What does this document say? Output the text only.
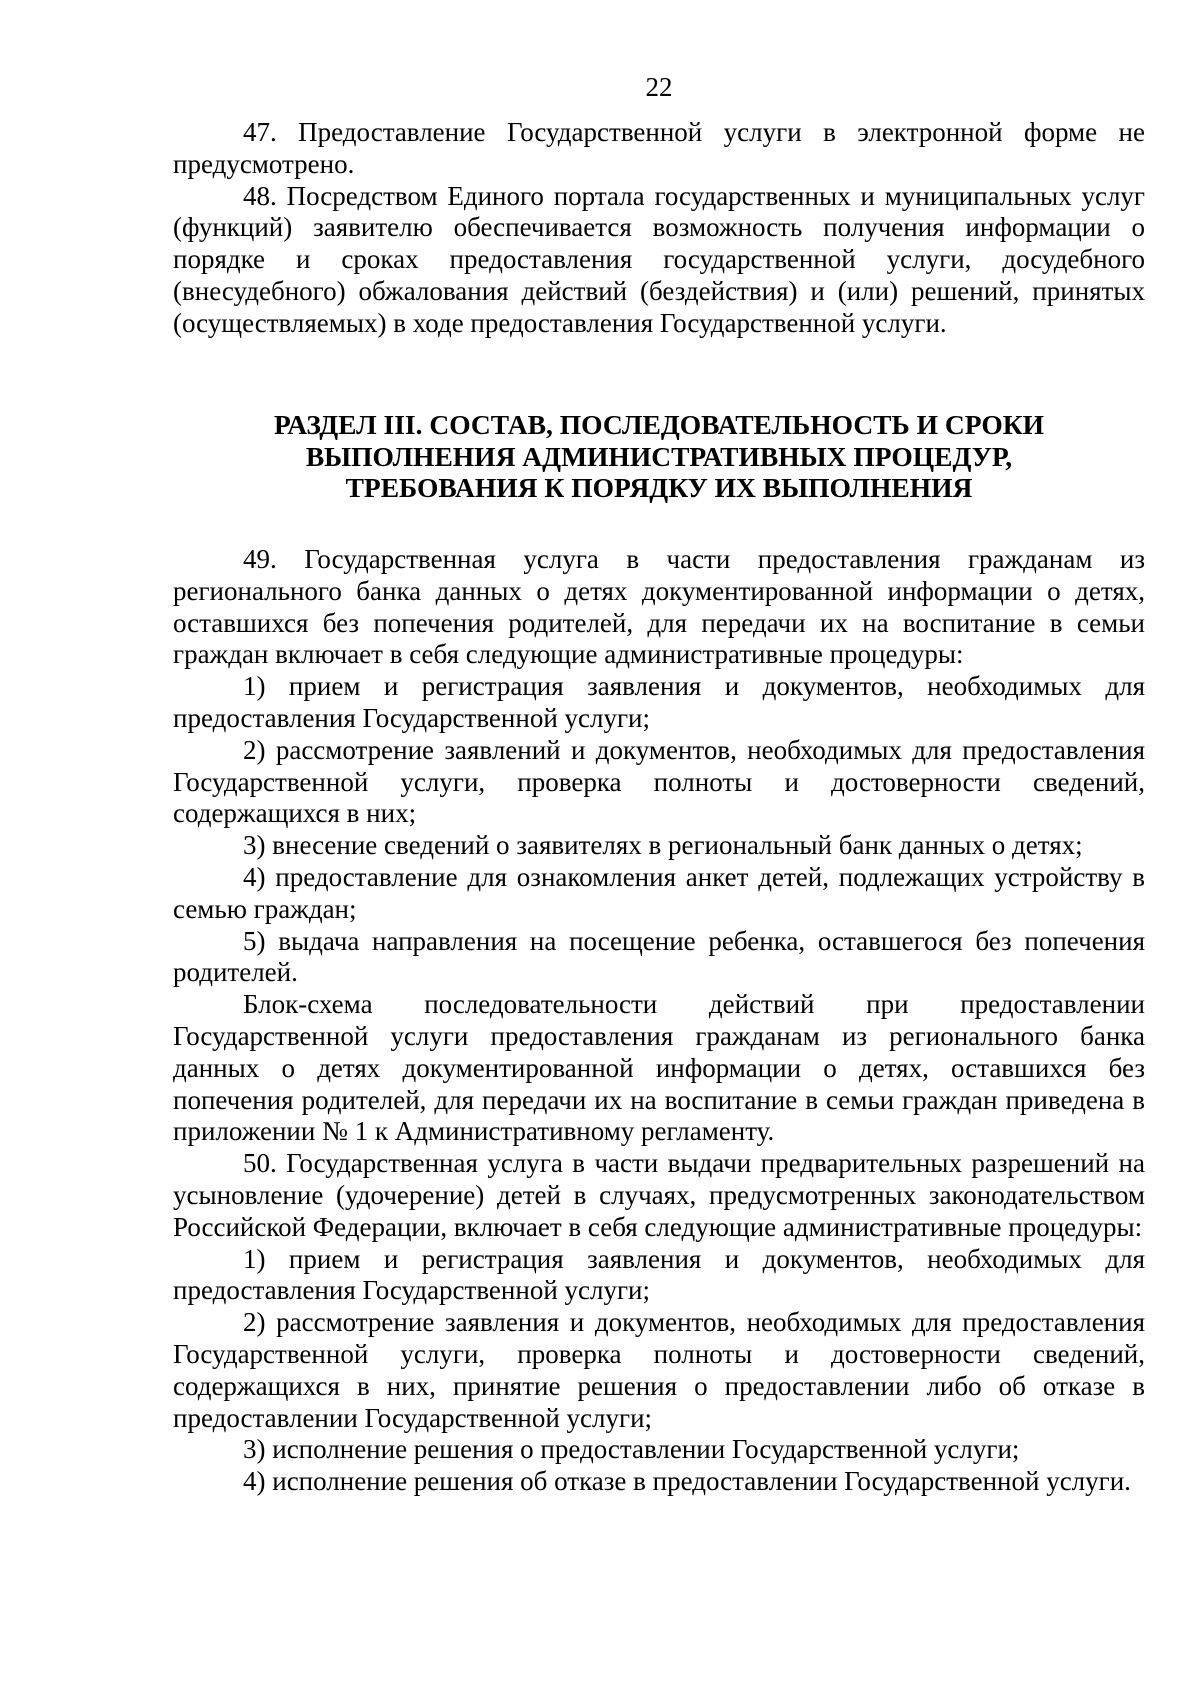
22

47. Предоставление Государственной услуги в электронной форме не предусмотрено.

48. Посредством Единого портала государственных и муниципальных услуг (функций) заявителю обеспечивается возможность получения информации о порядке и сроках предоставления государственной услуги, досудебного (внесудебного) обжалования действий (бездействия) и (или) решений, принятых (осуществляемых) в ходе предоставления Государственной услуги.

РАЗДЕЛ III. СОСТАВ, ПОСЛЕДОВАТЕЛЬНОСТЬ И СРОКИ
ВЫПОЛНЕНИЯ АДМИНИСТРАТИВНЫХ ПРОЦЕДУР,
ТРЕБОВАНИЯ К ПОРЯДКУ ИХ ВЫПОЛНЕНИЯ

49. Государственная услуга в части предоставления гражданам из регионального банка данных о детях документированной информации о детях, оставшихся без попечения родителей, для передачи их на воспитание в семьи граждан включает в себя следующие административные процедуры:

1) прием и регистрация заявления и документов, необходимых для предоставления Государственной услуги;

2) рассмотрение заявлений и документов, необходимых для предоставления Государственной услуги, проверка полноты и достоверности сведений, содержащихся в них;

3) внесение сведений о заявителях в региональный банк данных о детях;

4) предоставление для ознакомления анкет детей, подлежащих устройству в семью граждан;

5) выдача направления на посещение ребенка, оставшегося без попечения родителей.

Блок-схема последовательности действий при предоставлении Государственной услуги предоставления гражданам из регионального банка данных о детях документированной информации о детях, оставшихся без попечения родителей, для передачи их на воспитание в семьи граждан приведена в приложении № 1 к Административному регламенту.

50. Государственная услуга в части выдачи предварительных разрешений на усыновление (удочерение) детей в случаях, предусмотренных законодательством Российской Федерации, включает в себя следующие административные процедуры:

1) прием и регистрация заявления и документов, необходимых для предоставления Государственной услуги;

2) рассмотрение заявления и документов, необходимых для предоставления Государственной услуги, проверка полноты и достоверности сведений, содержащихся в них, принятие решения о предоставлении либо об отказе в предоставлении Государственной услуги;

3) исполнение решения о предоставлении Государственной услуги;

4) исполнение решения об отказе в предоставлении Государственной услуги.
